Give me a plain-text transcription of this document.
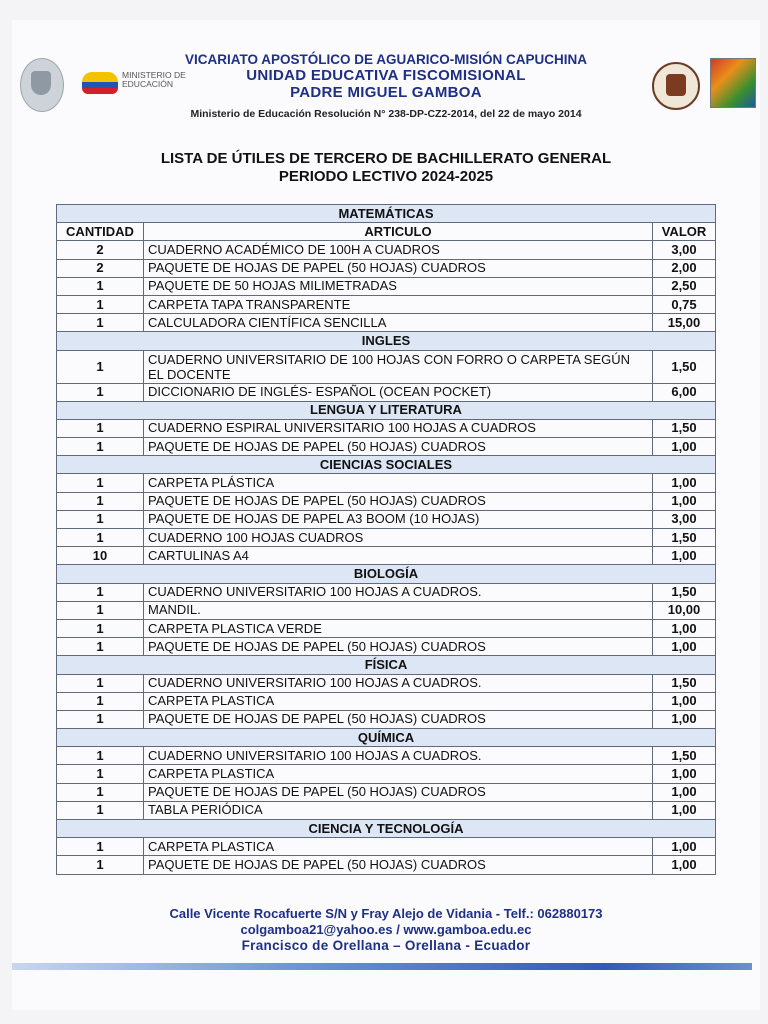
MINISTERIO DE EDUCACIÓN
VICARIATO APOSTÓLICO DE AGUARICO-MISIÓN CAPUCHINA
UNIDAD EDUCATIVA FISCOMISIONAL
PADRE MIGUEL GAMBOA
Ministerio de Educación Resolución N° 238-DP-CZ2-2014, del 22 de mayo 2014
LISTA DE ÚTILES DE TERCERO DE BACHILLERATO GENERAL
PERIODO LECTIVO 2024-2025
MATEMÁTICAS		
CANTIDAD	ARTICULO	VALOR
2	CUADERNO ACADÉMICO DE 100H A CUADROS	3,00
2	PAQUETE DE HOJAS DE PAPEL (50 HOJAS) CUADROS	2,00
1	PAQUETE DE 50 HOJAS MILIMETRADAS	2,50
1	CARPETA TAPA TRANSPARENTE	0,75
1	CALCULADORA CIENTÍFICA SENCILLA	15,00
INGLES		
1	CUADERNO UNIVERSITARIO DE 100 HOJAS CON FORRO O CARPETA SEGÚN EL DOCENTE	1,50
1	DICCIONARIO DE INGLÉS- ESPAÑOL (OCEAN POCKET)	6,00
LENGUA Y LITERATURA		
1	CUADERNO ESPIRAL UNIVERSITARIO 100 HOJAS A CUADROS	1,50
1	PAQUETE DE HOJAS DE PAPEL (50 HOJAS) CUADROS	1,00
CIENCIAS SOCIALES		
1	CARPETA PLÁSTICA	1,00
1	PAQUETE DE HOJAS DE PAPEL (50 HOJAS) CUADROS	1,00
1	PAQUETE DE HOJAS DE PAPEL A3 BOOM (10 HOJAS)	3,00
1	CUADERNO 100 HOJAS CUADROS	1,50
10	CARTULINAS A4	1,00
BIOLOGÍA		
1	CUADERNO UNIVERSITARIO 100 HOJAS A CUADROS.	1,50
1	MANDIL.	10,00
1	CARPETA PLASTICA VERDE	1,00
1	PAQUETE DE HOJAS DE PAPEL (50 HOJAS) CUADROS	1,00
FÍSICA		
1	CUADERNO UNIVERSITARIO 100 HOJAS A CUADROS.	1,50
1	CARPETA PLASTICA	1,00
1	PAQUETE DE HOJAS DE PAPEL (50 HOJAS) CUADROS	1,00
QUÍMICA		
1	CUADERNO UNIVERSITARIO 100 HOJAS A CUADROS.	1,50
1	CARPETA PLASTICA	1,00
1	PAQUETE DE HOJAS DE PAPEL (50 HOJAS) CUADROS	1,00
1	TABLA PERIÓDICA	1,00
CIENCIA Y TECNOLOGÍA		
1	CARPETA PLASTICA	1,00
1	PAQUETE DE HOJAS DE PAPEL (50 HOJAS) CUADROS	1,00
Calle Vicente Rocafuerte S/N y Fray Alejo de Vidania - Telf.: 062880173
colgamboa21@yahoo.es / www.gamboa.edu.ec
Francisco de Orellana – Orellana - Ecuador
